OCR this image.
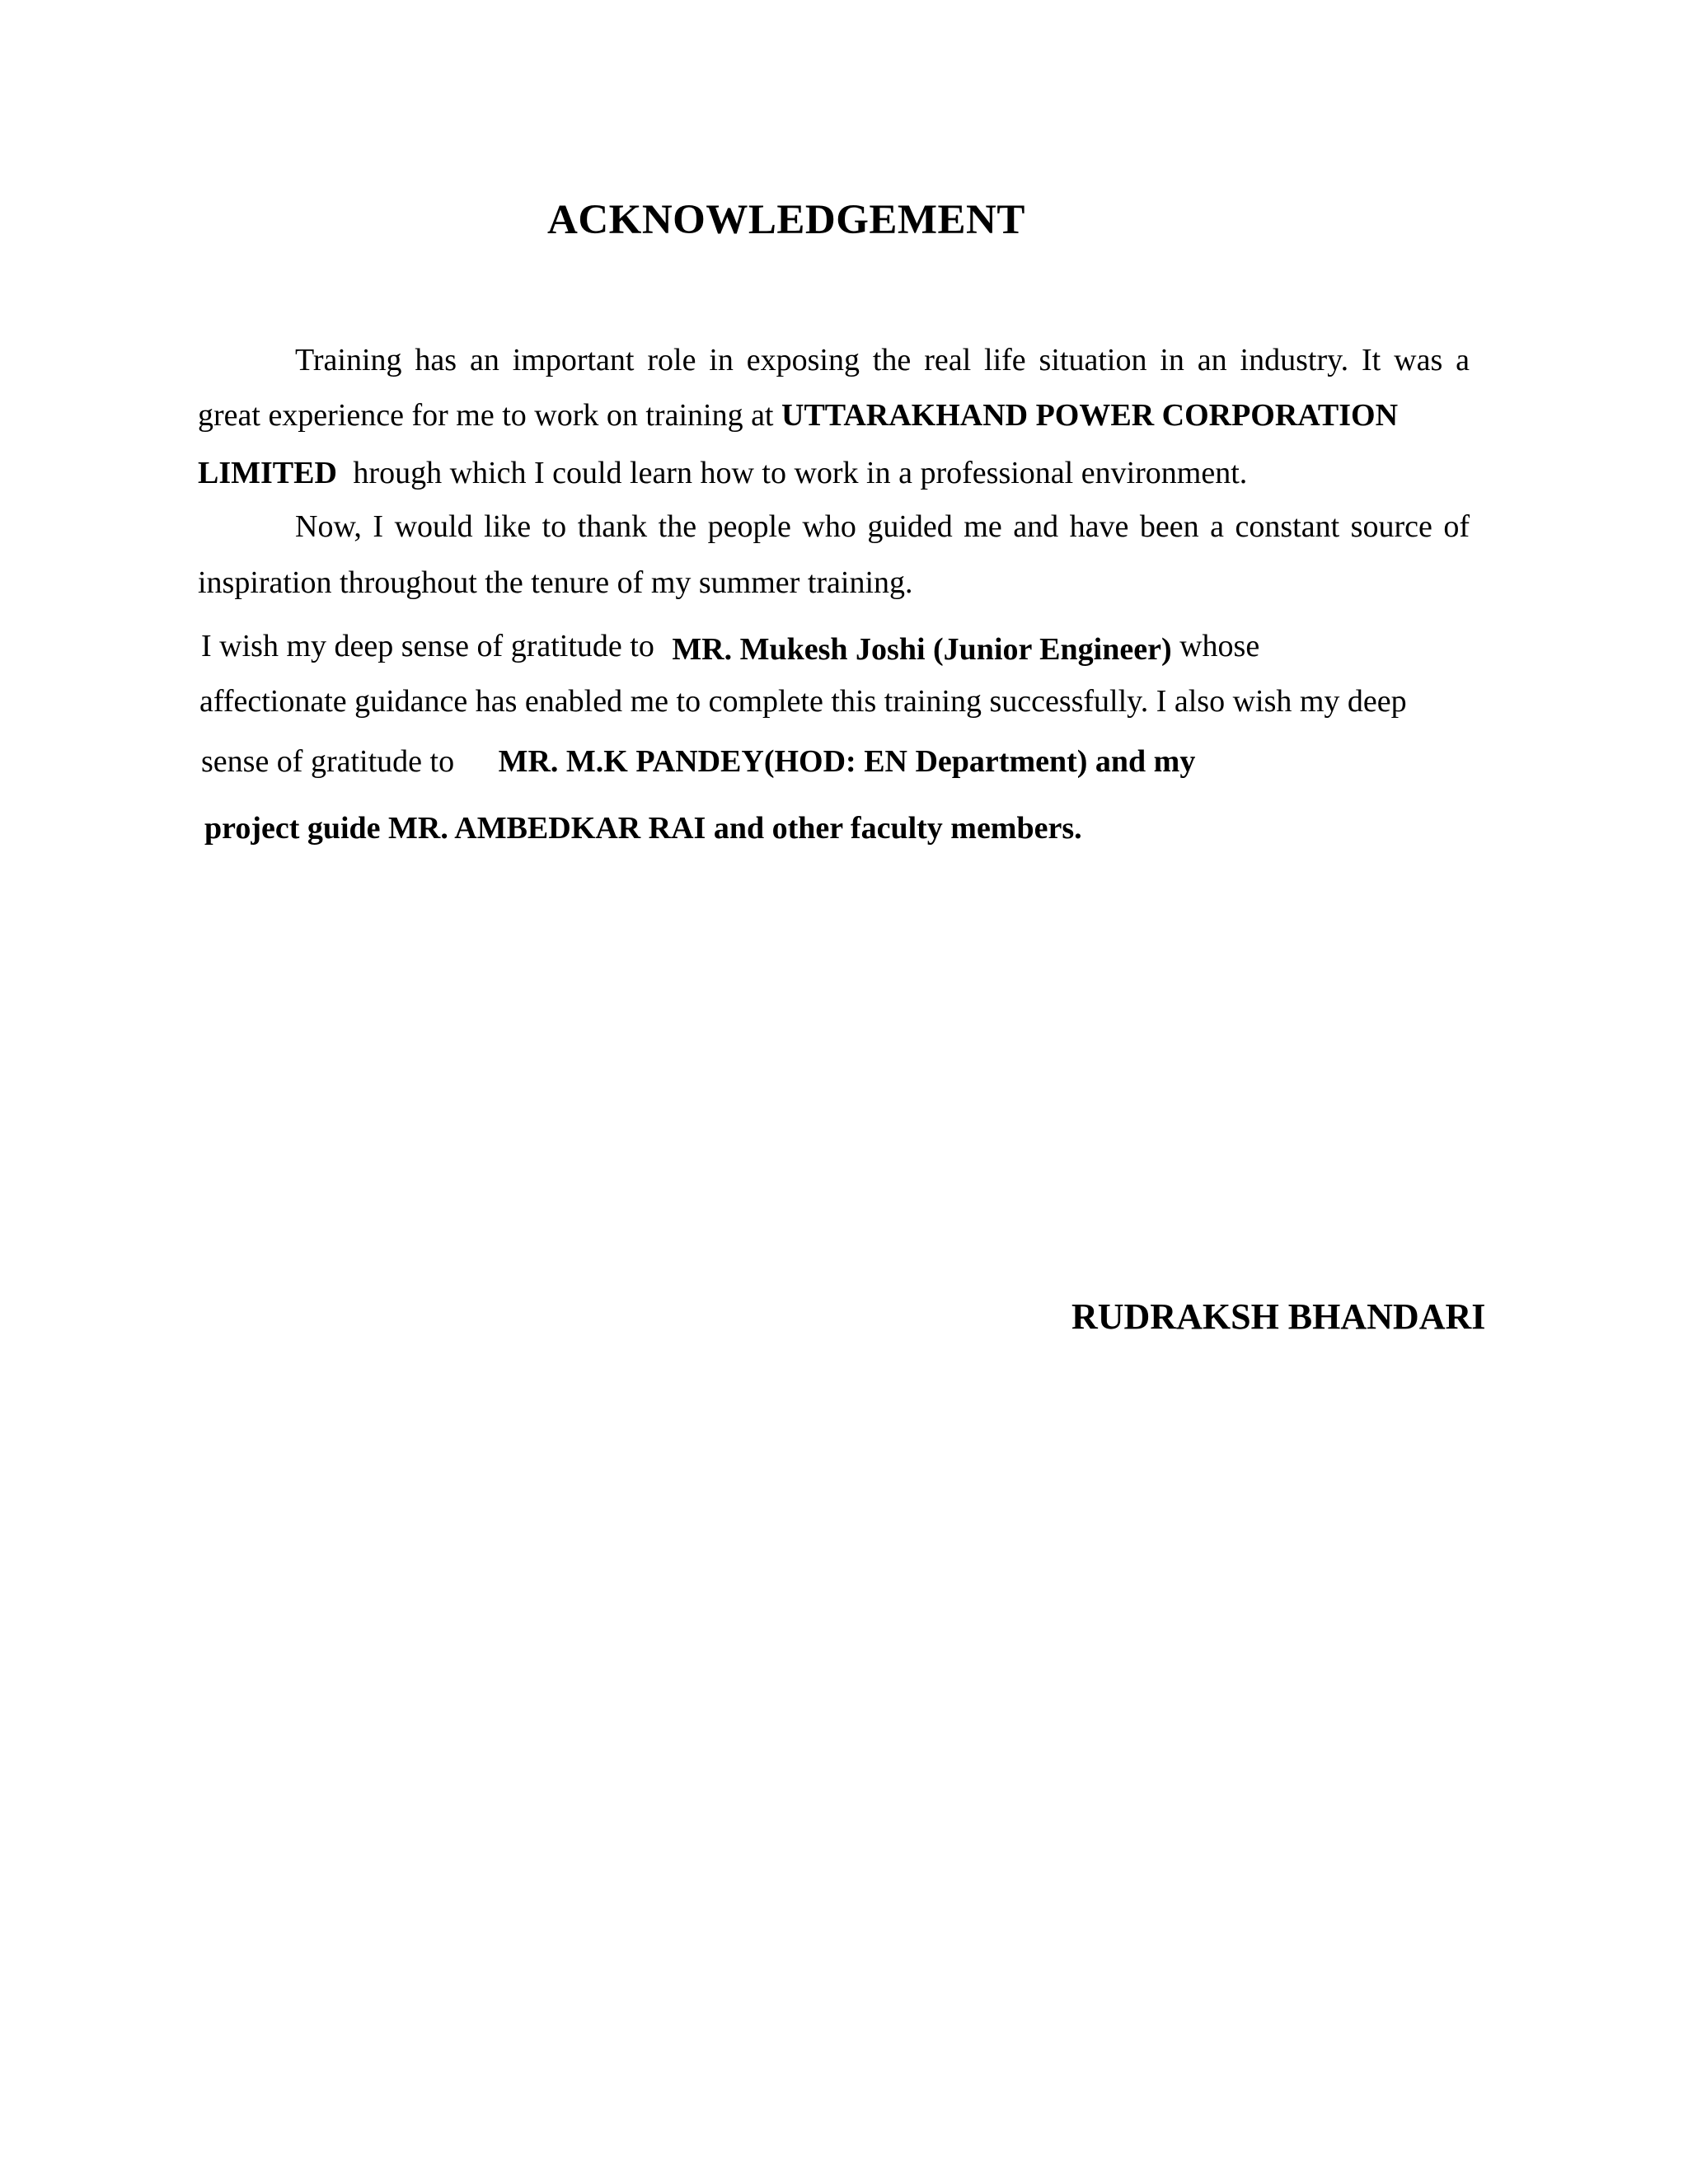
ACKNOWLEDGEMENT
Training has an important role in exposing the real life situation in an industry. It was a
great experience for me to work on training at UTTARAKHAND POWER CORPORATION
LIMITED hrough which I could learn how to work in a professional environment.
Now, I would like to thank the people who guided me and have been a constant source of
inspiration throughout the tenure of my summer training.
I wish my deep sense of gratitude to MR. Mukesh Joshi (Junior Engineer) whose
affectionate guidance has enabled me to complete this training successfully. I also wish my deep
sense of gratitude to MR. M.K PANDEY(HOD: EN Department) and my
project guide MR. AMBEDKAR RAI and other faculty members.
RUDRAKSH BHANDARI
